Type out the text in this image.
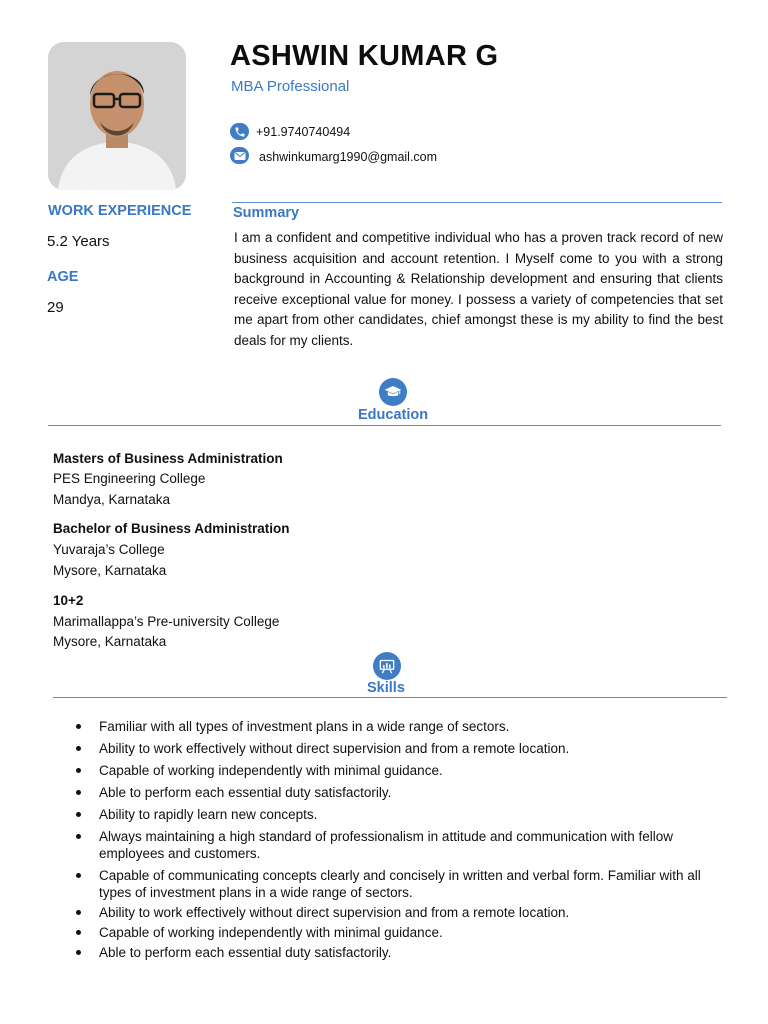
ASHWIN KUMAR G
MBA Professional
+91.9740740494
ashwinkumarg1990@gmail.com
WORK EXPERIENCE
5.2 Years
AGE
29
Summary
I am a confident and competitive individual who has a proven track record of new business acquisition and account retention. I Myself come to you with a strong background in Accounting & Relationship development and ensuring that clients receive exceptional value for money. I possess a variety of competencies that set me apart from other candidates, chief amongst these is my ability to find the best deals for my clients.
Education
Masters of Business Administration
PES Engineering College
Mandya, Karnataka
Bachelor of Business Administration
Yuvaraja’s College
Mysore, Karnataka
10+2
Marimallappa’s Pre-university College
Mysore, Karnataka
Skills
Familiar with all types of investment plans in a wide range of sectors.
Ability to work effectively without direct supervision and from a remote location.
Capable of working independently with minimal guidance.
Able to perform each essential duty satisfactorily.
Ability to rapidly learn new concepts.
Always maintaining a high standard of professionalism in attitude and communication with fellow employees and customers.
Capable of communicating concepts clearly and concisely in written and verbal form. Familiar with all types of investment plans in a wide range of sectors.
Ability to work effectively without direct supervision and from a remote location.
Capable of working independently with minimal guidance.
Able to perform each essential duty satisfactorily.
